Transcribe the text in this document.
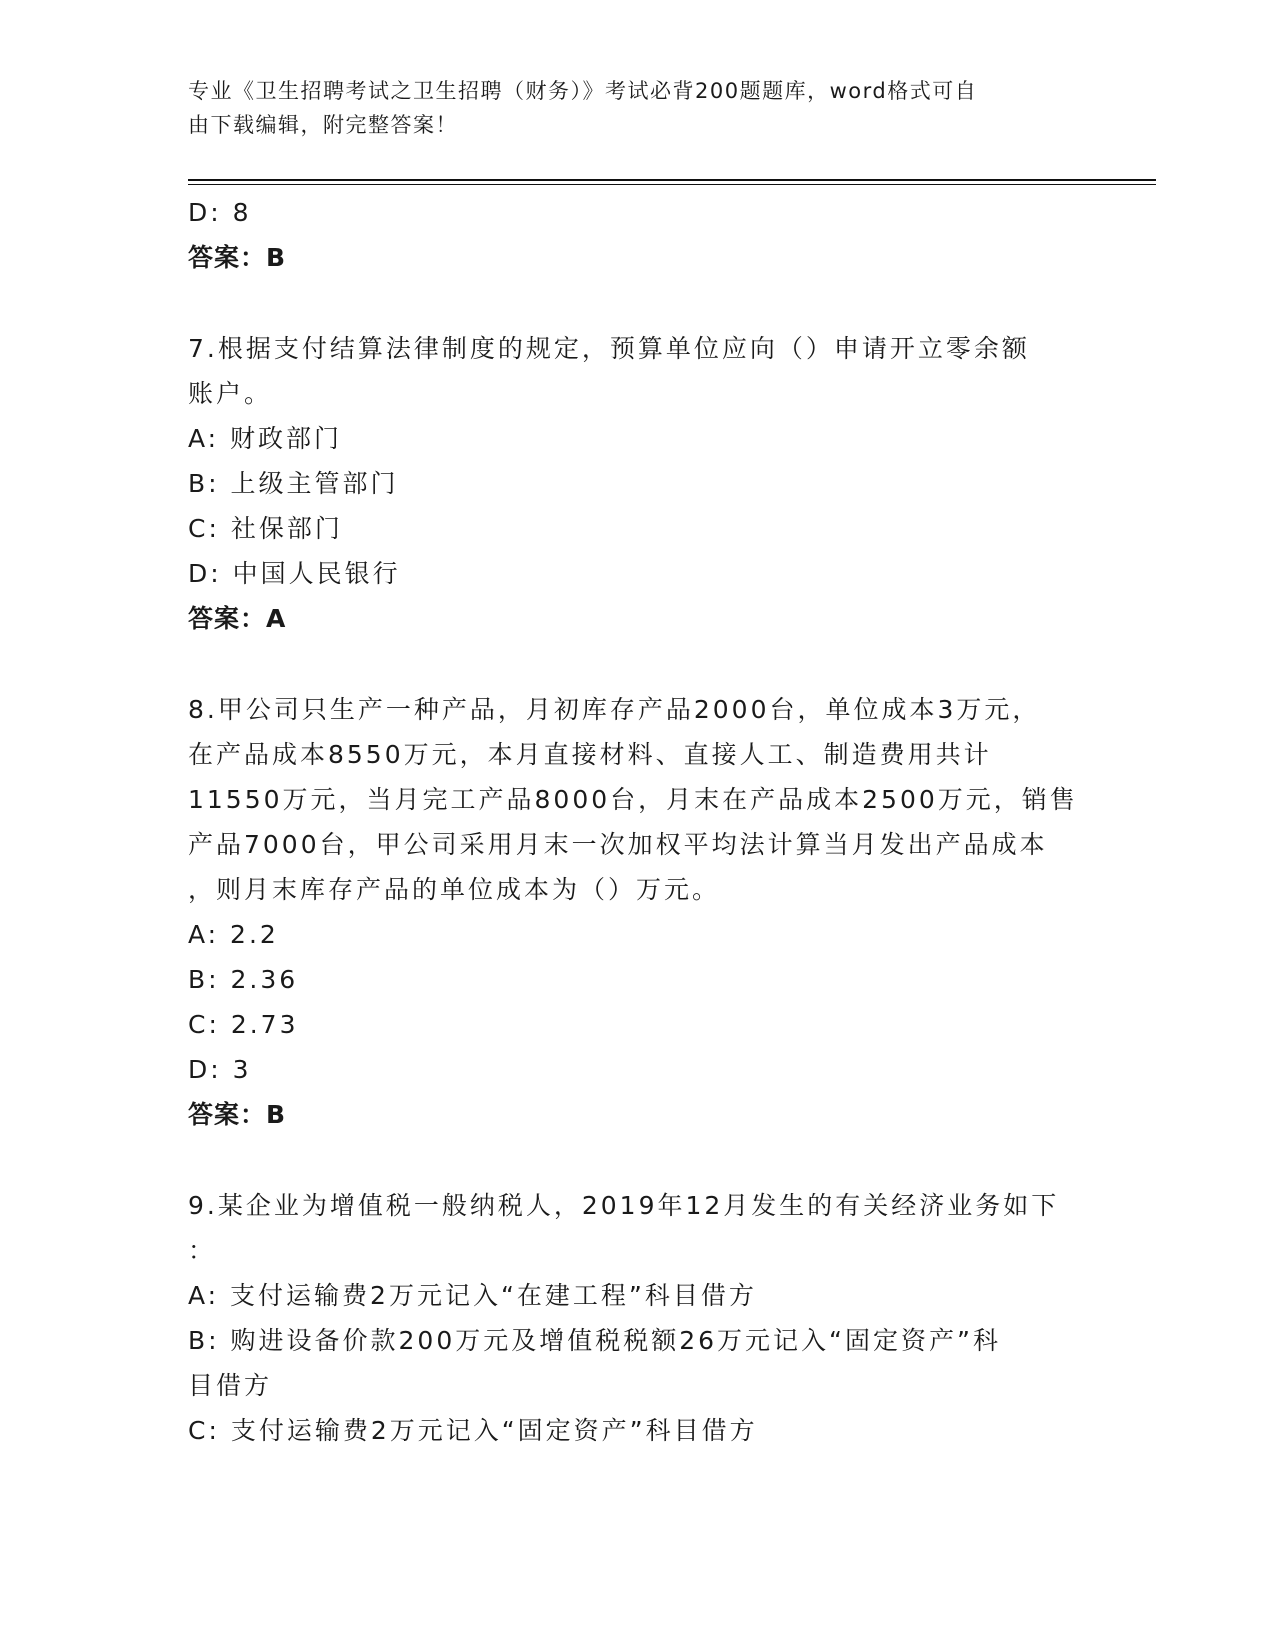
专业《卫生招聘考试之卫生招聘（财务）》考试必背200题题库，word格式可自
由下载编辑，附完整答案！
D: 8
答案：B
7.根据支付结算法律制度的规定，预算单位应向（）申请开立零余额
账户。
A: 财政部门
B: 上级主管部门
C: 社保部门
D: 中国人民银行
答案：A
8.甲公司只生产一种产品，月初库存产品2000台，单位成本3万元，
在产品成本8550万元，本月直接材料、直接人工、制造费用共计
11550万元，当月完工产品8000台，月末在产品成本2500万元，销售
产品7000台，甲公司采用月末一次加权平均法计算当月发出产品成本
，则月末库存产品的单位成本为（）万元。
A: 2.2
B: 2.36
C: 2.73
D: 3
答案：B
9.某企业为增值税一般纳税人，2019年12月发生的有关经济业务如下
：
A: 支付运输费2万元记入“在建工程”科目借方
B: 购进设备价款200万元及增值税税额26万元记入“固定资产”科
目借方
C: 支付运输费2万元记入“固定资产”科目借方
